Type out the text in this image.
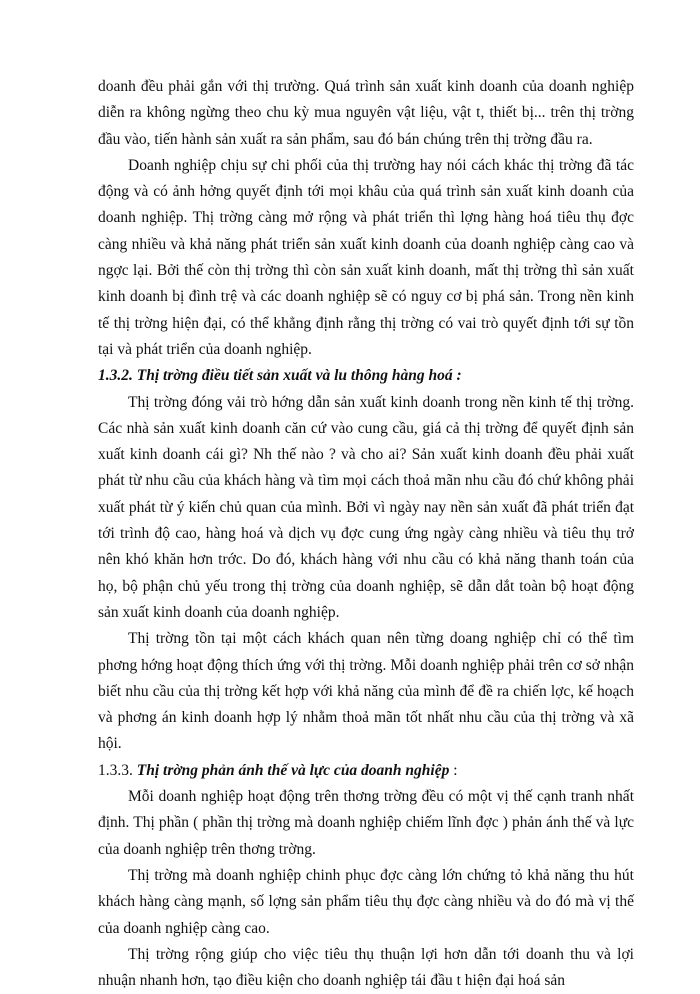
doanh đều phải gắn với thị trường. Quá trình sản xuất kinh doanh của doanh nghiệp diễn ra không ngừng theo chu kỳ mua nguyên vật liệu, vật t, thiết bị... trên thị trờng đầu vào, tiến hành sản xuất ra sản phẩm, sau đó bán chúng trên thị trờng đầu ra.

Doanh nghiệp chịu sự chi phối của thị trường hay nói cách khác thị trờng đã tác động và có ảnh hởng quyết định tới mọi khâu của quá trình sản xuất kinh doanh của doanh nghiệp. Thị trờng càng mở rộng và phát triển thì lợng hàng hoá tiêu thụ đợc càng nhiều và khả năng phát triển sản xuất kinh doanh của doanh nghiệp càng cao và ngợc lại. Bởi thế còn thị trờng thì còn sản xuất kinh doanh, mất thị trờng thì sản xuất kinh doanh bị đình trệ và các doanh nghiệp sẽ có nguy cơ bị phá sản. Trong nền kinh tế thị trờng hiện đại, có thể khẳng định rằng thị trờng có vai trò quyết định tới sự tồn tại và phát triển của doanh nghiệp.

1.3.2. Thị trờng điều tiết sản xuất và lu thông hàng hoá :

Thị trờng đóng vải trò hớng dẫn sản xuất kinh doanh trong nền kinh tế thị trờng. Các nhà sản xuất kinh doanh căn cứ vào cung cầu, giá cả thị trờng để quyết định sản xuất kinh doanh cái gì? Nh thế nào ? và cho ai? Sản xuất kinh doanh đều phải xuất phát từ nhu cầu của khách hàng và tìm mọi cách thoả mãn nhu cầu đó chứ không phải xuất phát từ ý kiến chủ quan của mình. Bởi vì ngày nay nền sản xuất đã phát triển đạt tới trình độ cao, hàng hoá và dịch vụ đợc cung ứng ngày càng nhiều và tiêu thụ trở nên khó khăn hơn trớc. Do đó, khách hàng với nhu cầu có khả năng thanh toán của họ, bộ phận chủ yếu trong thị trờng của doanh nghiệp, sẽ dẫn dắt toàn bộ hoạt động sản xuất kinh doanh của doanh nghiệp.

Thị trờng tồn tại một cách khách quan nên từng doang nghiệp chỉ có thể tìm phơng hớng hoạt động thích ứng với thị trờng. Mỗi doanh nghiệp phải trên cơ sở nhận biết nhu cầu của thị trờng kết hợp với khả năng của mình để đề ra chiến lợc, kế hoạch và phơng án kinh doanh hợp lý nhằm thoả mãn tốt nhất nhu cầu của thị trờng và xã hội.

1.3.3. Thị trờng phản ánh thế và lực của doanh nghiệp :

Mỗi doanh nghiệp hoạt động trên thơng trờng đều có một vị thế cạnh tranh nhất định. Thị phần ( phần thị trờng mà doanh nghiệp chiếm lĩnh đợc ) phản ánh thế và lực của doanh nghiệp trên thơng trờng.

Thị trờng mà doanh nghiệp chinh phục đợc càng lớn chứng tỏ khả năng thu hút khách hàng càng mạnh, số lợng sản phẩm tiêu thụ đợc càng nhiều và do đó mà vị thế của doanh nghiệp càng cao.

Thị trờng rộng giúp cho việc tiêu thụ thuận lợi hơn dẫn tới doanh thu và lợi nhuận nhanh hơn, tạo điều kiện cho doanh nghiệp tái đầu t hiện đại hoá sản
